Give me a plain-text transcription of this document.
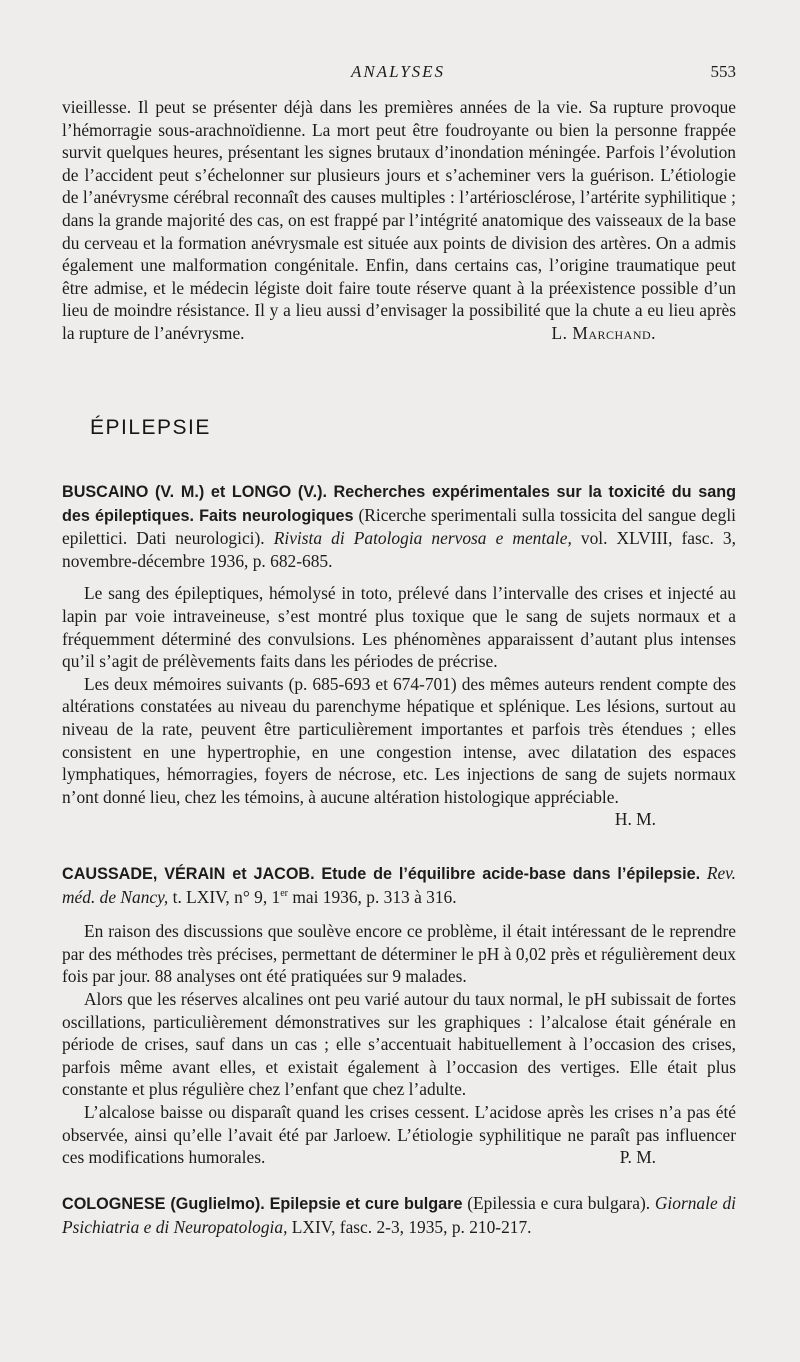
ANALYSES	553

vieillesse. Il peut se présenter déjà dans les premières années de la vie. Sa rupture provoque l’hémorragie sous-arachnoïdienne. La mort peut être foudroyante ou bien la personne frappée survit quelques heures, présentant les signes brutaux d’inondation méningée. Parfois l’évolution de l’accident peut s’échelonner sur plusieurs jours et s’acheminer vers la guérison. L’étiologie de l’anévrysme cérébral reconnaît des causes multiples : l’artériosclérose, l’artérite syphilitique ; dans la grande majorité des cas, on est frappé par l’intégrité anatomique des vaisseaux de la base du cerveau et la formation anévrysmale est située aux points de division des artères. On a admis également une malformation congénitale. Enfin, dans certains cas, l’origine traumatique peut être admise, et le médecin légiste doit faire toute réserve quant à la préexistence possible d’un lieu de moindre résistance. Il y a lieu aussi d’envisager la possibilité que la chute a eu lieu après la rupture de l’anévrysme.	L. Marchand.

ÉPILEPSIE

BUSCAINO (V. M.) et LONGO (V.). Recherches expérimentales sur la toxicité du sang des épileptiques. Faits neurologiques (Ricerche sperimentali sulla tossicita del sangue degli epilettici. Dati neurologici). Rivista di Patologia nervosa e mentale, vol. XLVIII, fasc. 3, novembre-décembre 1936, p. 682-685.

Le sang des épileptiques, hémolysé in toto, prélevé dans l’intervalle des crises et injecté au lapin par voie intraveineuse, s’est montré plus toxique que le sang de sujets normaux et a fréquemment déterminé des convulsions. Les phénomènes apparaissent d’autant plus intenses qu’il s’agit de prélèvements faits dans les périodes de précrise.

Les deux mémoires suivants (p. 685-693 et 674-701) des mêmes auteurs rendent compte des altérations constatées au niveau du parenchyme hépatique et splénique. Les lésions, surtout au niveau de la rate, peuvent être particulièrement importantes et parfois très étendues ; elles consistent en une hypertrophie, en une congestion intense, avec dilatation des espaces lymphatiques, hémorragies, foyers de nécrose, etc. Les injections de sang de sujets normaux n’ont donné lieu, chez les témoins, à aucune altération histologique appréciable.
H. M.

CAUSSADE, VÉRAIN et JACOB. Etude de l’équilibre acide-base dans l’épilepsie. Rev. méd. de Nancy, t. LXIV, n° 9, 1er mai 1936, p. 313 à 316.

En raison des discussions que soulève encore ce problème, il était intéressant de le reprendre par des méthodes très précises, permettant de déterminer le pH à 0,02 près et régulièrement deux fois par jour. 88 analyses ont été pratiquées sur 9 malades.

Alors que les réserves alcalines ont peu varié autour du taux normal, le pH subissait de fortes oscillations, particulièrement démonstratives sur les graphiques : l’alcalose était générale en période de crises, sauf dans un cas ; elle s’accentuait habituellement à l’occasion des crises, parfois même avant elles, et existait également à l’occasion des vertiges. Elle était plus constante et plus régulière chez l’enfant que chez l’adulte.

L’alcalose baisse ou disparaît quand les crises cessent. L’acidose après les crises n’a pas été observée, ainsi qu’elle l’avait été par Jarloew. L’étiologie syphilitique ne paraît pas influencer ces modifications humorales.	P. M.

COLOGNESE (Guglielmo). Epilepsie et cure bulgare (Epilessia e cura bulgara). Giornale di Psichiatria e di Neuropatologia, LXIV, fasc. 2-3, 1935, p. 210-217.
